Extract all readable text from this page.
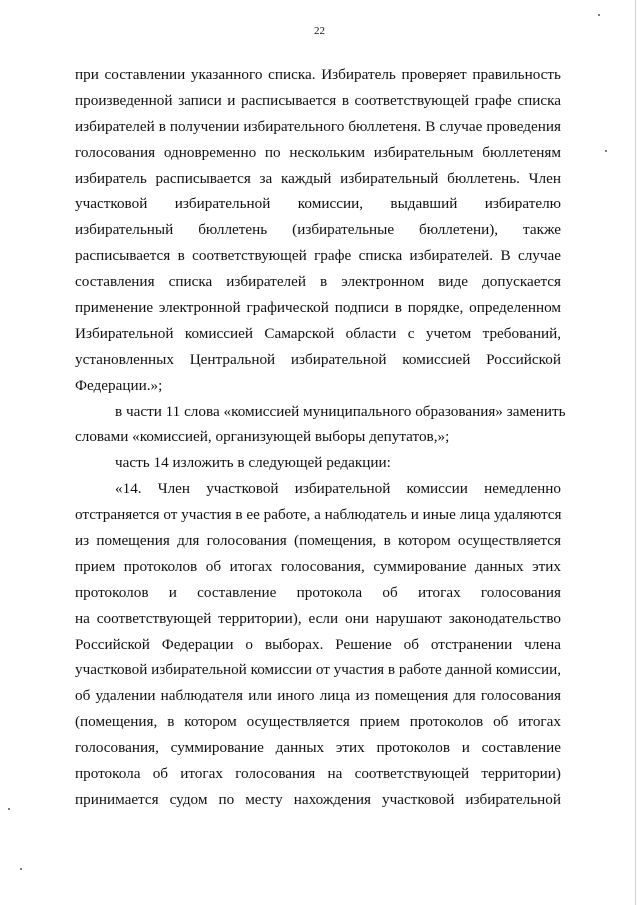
22
при составлении указанного списка. Избиратель проверяет правильность
произведенной записи и расписывается в соответствующей графе списка
избирателей в получении избирательного бюллетеня. В случае проведения
голосования одновременно по нескольким избирательным бюллетеням
избиратель расписывается за каждый избирательный бюллетень. Член
участковой избирательной комиссии, выдавший избирателю
избирательный бюллетень (избирательные бюллетени), также
расписывается в соответствующей графе списка избирателей. В случае
составления списка избирателей в электронном виде допускается
применение электронной графической подписи в порядке, определенном
Избирательной комиссией Самарской области с учетом требований,
установленных Центральной избирательной комиссией Российской
Федерации.»;
в части 11 слова «комиссией муниципального образования» заменить
словами «комиссией, организующей выборы депутатов,»;
часть 14 изложить в следующей редакции:
«14. Член участковой избирательной комиссии немедленно
отстраняется от участия в ее работе, а наблюдатель и иные лица удаляются
из помещения для голосования (помещения, в котором осуществляется
прием протоколов об итогах голосования, суммирование данных этих
протоколов и составление протокола об итогах голосования
на соответствующей территории), если они нарушают законодательство
Российской Федерации о выборах. Решение об отстранении члена
участковой избирательной комиссии от участия в работе данной комиссии,
об удалении наблюдателя или иного лица из помещения для голосования
(помещения, в котором осуществляется прием протоколов об итогах
голосования, суммирование данных этих протоколов и составление
протокола об итогах голосования на соответствующей территории)
принимается судом по месту нахождения участковой избирательной
